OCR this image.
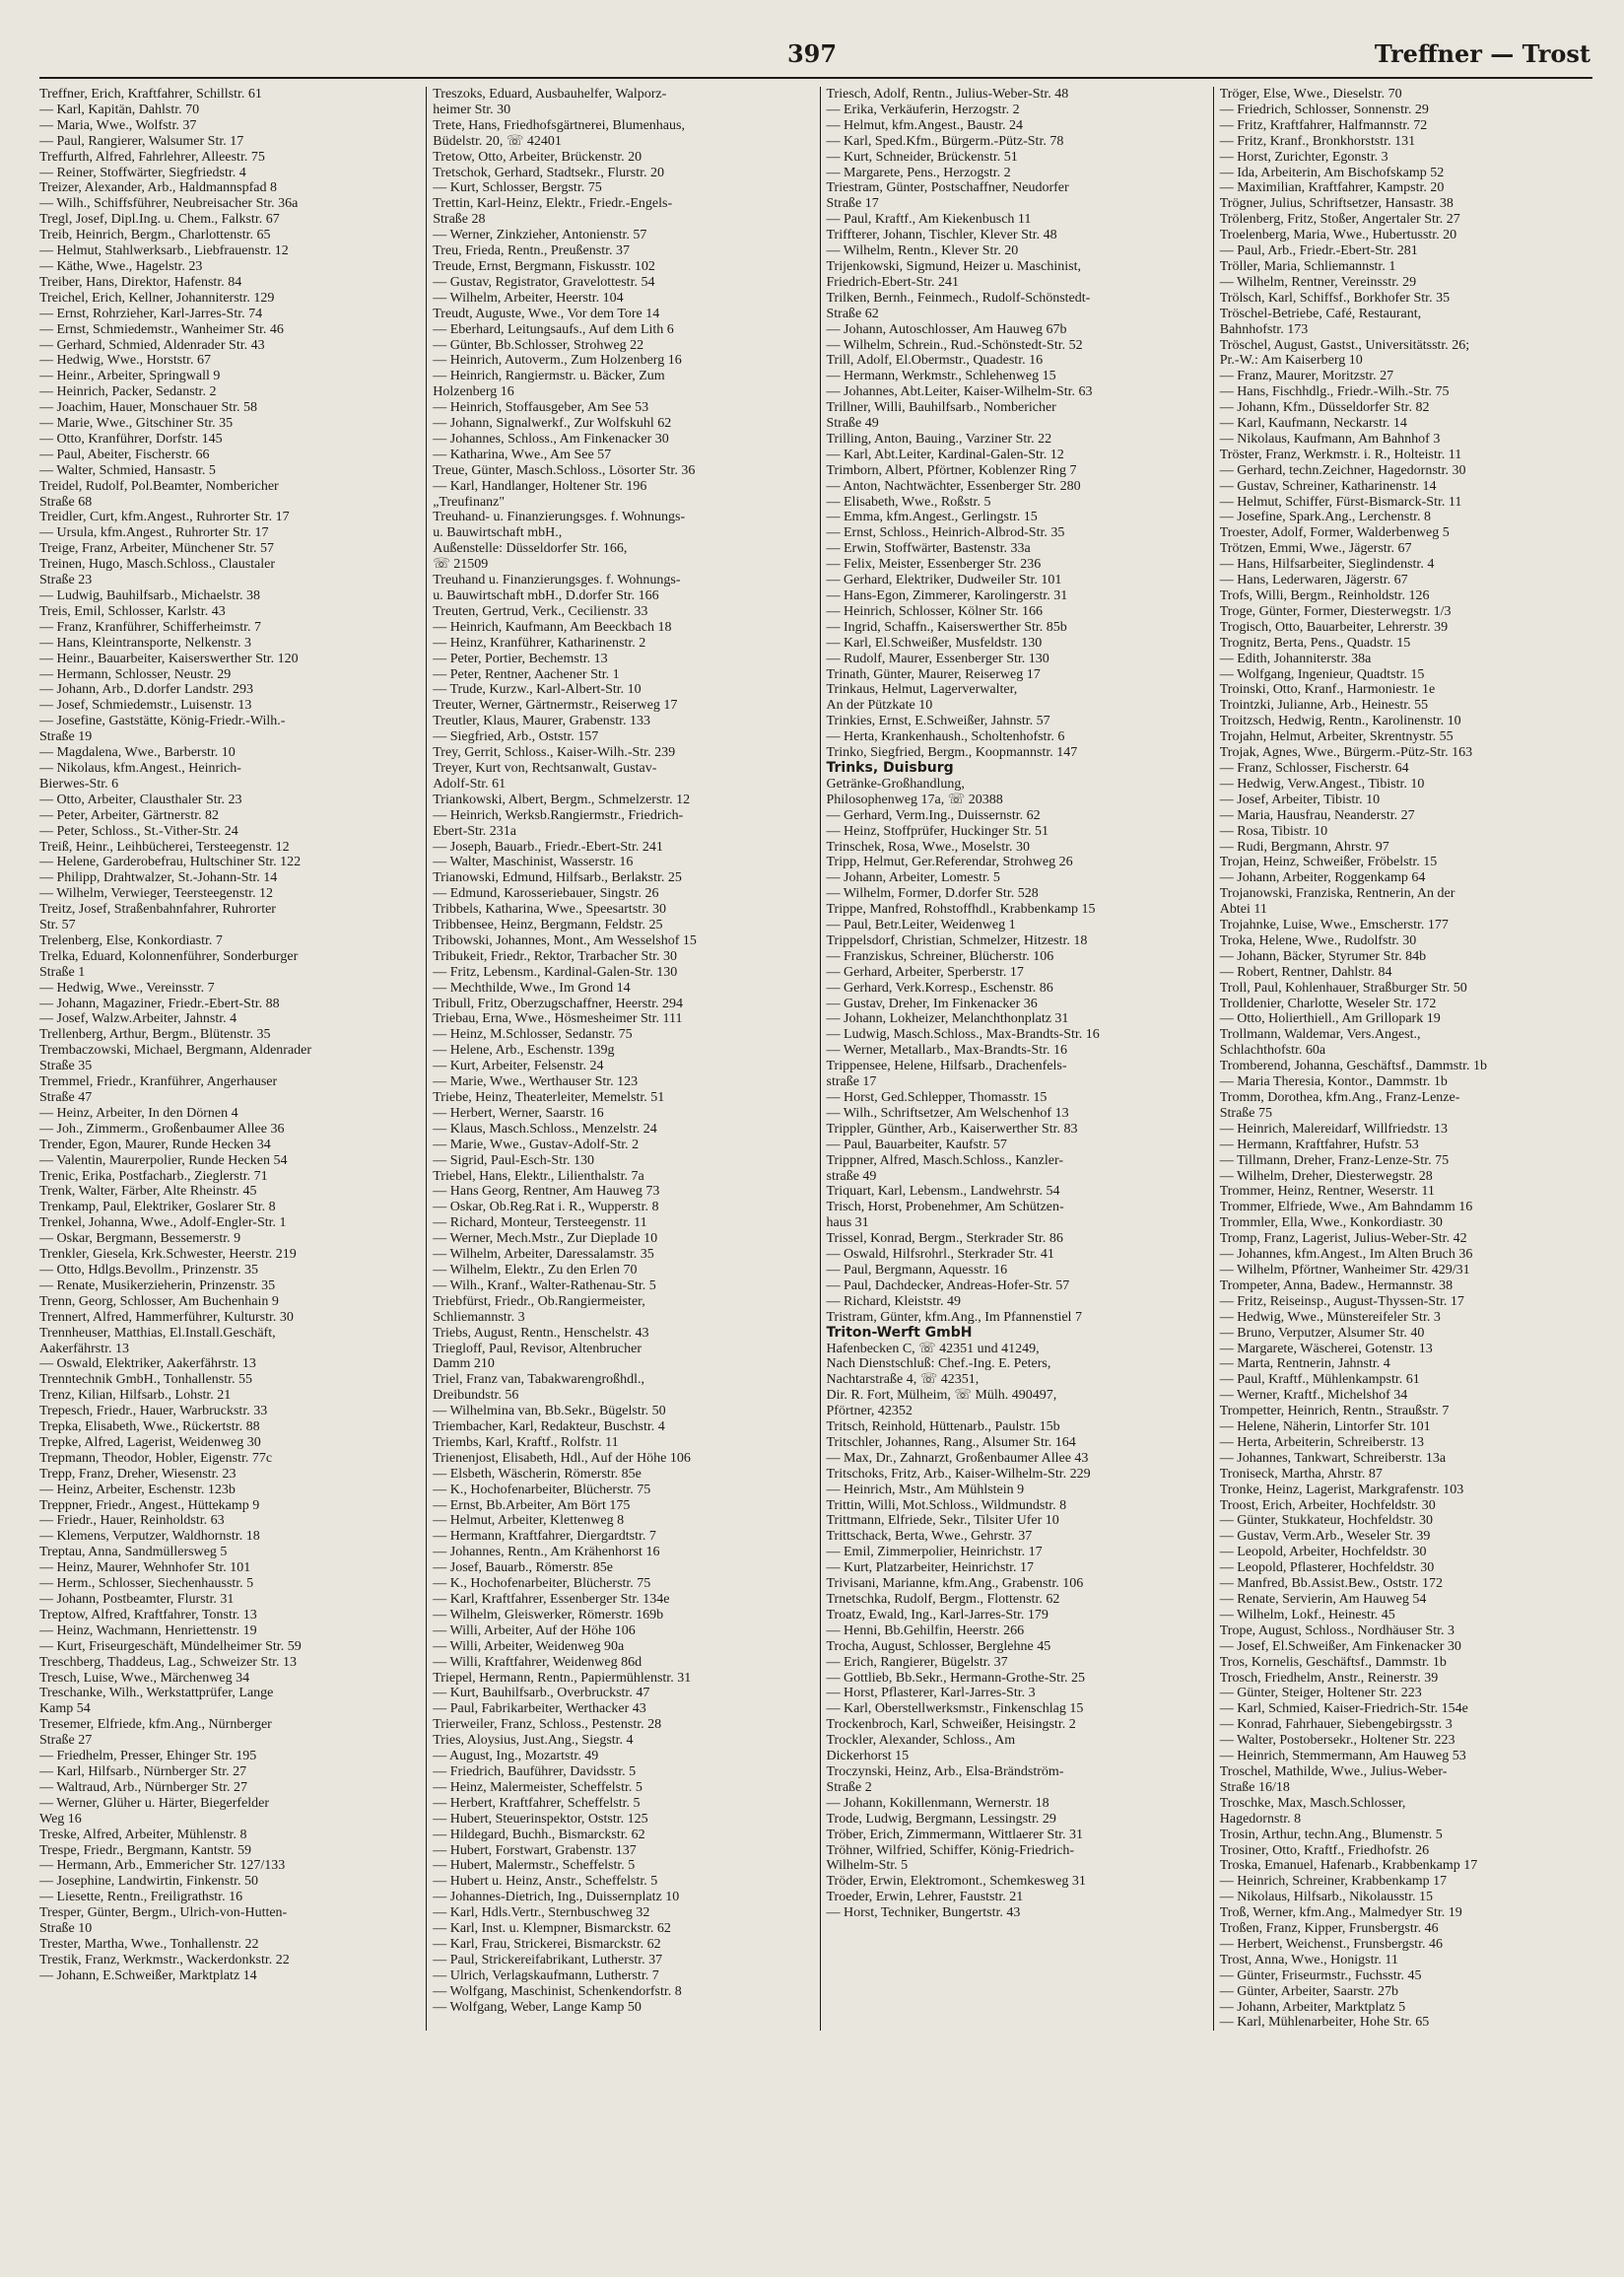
397	Treffner — Trost
Treffner, Erich, Kraftfahrer, Schillstr. 61
— Karl, Kapitän, Dahlstr. 70
— Maria, Wwe., Wolfstr. 37
— Paul, Rangierer, Walsumer Str. 17
Treffurth, Alfred, Fahrlehrer, Alleestr. 75
— Reiner, Stoffwärter, Siegfriedstr. 4
Treizer, Alexander, Arb., Haldmannspfad 8
— Wilh., Schiffsführer, Neubreisacher Str. 36a
Tregl, Josef, Dipl.Ing. u. Chem., Falkstr. 67
Treib, Heinrich, Bergm., Charlottenstr. 65
— Helmut, Stahlwerksarb., Liebfrauenstr. 12
— Käthe, Wwe., Hagelstr. 23
Treiber, Hans, Direktor, Hafenstr. 84
Treichel, Erich, Kellner, Johanniterstr. 129
— Ernst, Rohrzieher, Karl-Jarres-Str. 74
— Ernst, Schmiedemstr., Wanheimer Str. 46
— Gerhard, Schmied, Aldenrader Str. 43
— Hedwig, Wwe., Horststr. 67
— Heinr., Arbeiter, Springwall 9
— Heinrich, Packer, Sedanstr. 2
— Joachim, Hauer, Monschauer Str. 58
— Marie, Wwe., Gitschiner Str. 35
— Otto, Kranführer, Dorfstr. 145
— Paul, Abeiter, Fischerstr. 66
— Walter, Schmied, Hansastr. 5
Treidel, Rudolf, Pol.Beamter, Nombericher
Straße 68
Treidler, Curt, kfm.Angest., Ruhrorter Str. 17
— Ursula, kfm.Angest., Ruhrorter Str. 17
Treige, Franz, Arbeiter, Münchener Str. 57
Treinen, Hugo, Masch.Schloss., Claustaler
Straße 23
— Ludwig, Bauhilfsarb., Michaelstr. 38
Treis, Emil, Schlosser, Karlstr. 43
— Franz, Kranführer, Schifferheimstr. 7
— Hans, Kleintransporte, Nelkenstr. 3
— Heinr., Bauarbeiter, Kaiserswerther Str. 120
— Hermann, Schlosser, Neustr. 29
— Johann, Arb., D.dorfer Landstr. 293
— Josef, Schmiedemstr., Luisenstr. 13
— Josefine, Gaststätte, König-Friedr.-Wilh.-
Straße 19
— Magdalena, Wwe., Barberstr. 10
— Nikolaus, kfm.Angest., Heinrich-
Bierwes-Str. 6
— Otto, Arbeiter, Clausthaler Str. 23
— Peter, Arbeiter, Gärtnerstr. 82
— Peter, Schloss., St.-Vither-Str. 24
Treiß, Heinr., Leihbücherei, Tersteegenstr. 12
— Helene, Garderobefrau, Hultschiner Str. 122
— Philipp, Drahtwalzer, St.-Johann-Str. 14
— Wilhelm, Verwieger, Teersteegenstr. 12
Treitz, Josef, Straßenbahnfahrer, Ruhrorter
Str. 57
Trelenberg, Else, Konkordiastr. 7
Trelka, Eduard, Kolonnenführer, Sonderburger
Straße 1
— Hedwig, Wwe., Vereinsstr. 7
— Johann, Magaziner, Friedr.-Ebert-Str. 88
— Josef, Walzw.Arbeiter, Jahnstr. 4
Trellenberg, Arthur, Bergm., Blütenstr. 35
Trembaczowski, Michael, Bergmann, Aldenrader
Straße 35
Tremmel, Friedr., Kranführer, Angerhauser
Straße 47
— Heinz, Arbeiter, In den Dörnen 4
— Joh., Zimmerm., Großenbaumer Allee 36
Trender, Egon, Maurer, Runde Hecken 34
— Valentin, Maurerpolier, Runde Hecken 54
Trenic, Erika, Postfacharb., Zieglerstr. 71
Trenk, Walter, Färber, Alte Rheinstr. 45
Trenkamp, Paul, Elektriker, Goslarer Str. 8
Trenkel, Johanna, Wwe., Adolf-Engler-Str. 1
— Oskar, Bergmann, Bessemerstr. 9
Trenkler, Giesela, Krk.Schwester, Heerstr. 219
— Otto, Hdlgs.Bevollm., Prinzenstr. 35
— Renate, Musikerzieherin, Prinzenstr. 35
Trenn, Georg, Schlosser, Am Buchenhain 9
Trennert, Alfred, Hammerführer, Kulturstr. 30
Trennheuser, Matthias, El.Install.Geschäft,
Aakerfährstr. 13
— Oswald, Elektriker, Aakerfährstr. 13
Trenntechnik GmbH., Tonhallenstr. 55
Trenz, Kilian, Hilfsarb., Lohstr. 21
Trepesch, Friedr., Hauer, Warbruckstr. 33
Trepka, Elisabeth, Wwe., Rückertstr. 88
Trepke, Alfred, Lagerist, Weidenweg 30
Trepmann, Theodor, Hobler, Eigenstr. 77c
Trepp, Franz, Dreher, Wiesenstr. 23
— Heinz, Arbeiter, Eschenstr. 123b
Treppner, Friedr., Angest., Hüttekamp 9
— Friedr., Hauer, Reinholdstr. 63
— Klemens, Verputzer, Waldhornstr. 18
Treptau, Anna, Sandmüllersweg 5
— Heinz, Maurer, Wehnhofer Str. 101
— Herm., Schlosser, Siechenhausstr. 5
— Johann, Postbeamter, Flurstr. 31
Treptow, Alfred, Kraftfahrer, Tonstr. 13
— Heinz, Wachmann, Henriettenstr. 19
— Kurt, Friseurgeschäft, Mündelheimer Str. 59
Treschberg, Thaddeus, Lag., Schweizer Str. 13
Tresch, Luise, Wwe., Märchenweg 34
Treschanke, Wilh., Werkstattprüfer, Lange
Kamp 54
Tresemer, Elfriede, kfm.Ang., Nürnberger
Straße 27
— Friedhelm, Presser, Ehinger Str. 195
— Karl, Hilfsarb., Nürnberger Str. 27
— Waltraud, Arb., Nürnberger Str. 27
— Werner, Glüher u. Härter, Biegerfelder
Weg 16
Treske, Alfred, Arbeiter, Mühlenstr. 8
Trespe, Friedr., Bergmann, Kantstr. 59
— Hermann, Arb., Emmericher Str. 127/133
— Josephine, Landwirtin, Finkenstr. 50
— Liesette, Rentn., Freiligrathstr. 16
Tresper, Günter, Bergm., Ulrich-von-Hutten-
Straße 10
Trester, Martha, Wwe., Tonhallenstr. 22
Trestik, Franz, Werkmstr., Wackerdonkstr. 22
— Johann, E.Schweißer, Marktplatz 14
Treszoks, Eduard, Ausbauhelfer, Walporz-
heimer Str. 30
Trete, Hans, Friedhofsgärtnerei, Blumenhaus,
Büdelstr. 20, ☏ 42401
Tretow, Otto, Arbeiter, Brückenstr. 20
Tretschok, Gerhard, Stadtsekr., Flurstr. 20
— Kurt, Schlosser, Bergstr. 75
Trettin, Karl-Heinz, Elektr., Friedr.-Engels-
Straße 28
— Werner, Zinkzieher, Antonienstr. 57
Treu, Frieda, Rentn., Preußenstr. 37
Treude, Ernst, Bergmann, Fiskusstr. 102
— Gustav, Registrator, Gravelottestr. 54
— Wilhelm, Arbeiter, Heerstr. 104
Treudt, Auguste, Wwe., Vor dem Tore 14
— Eberhard, Leitungsaufs., Auf dem Lith 6
— Günter, Bb.Schlosser, Strohweg 22
— Heinrich, Autoverm., Zum Holzenberg 16
— Heinrich, Rangiermstr. u. Bäcker, Zum
Holzenberg 16
— Heinrich, Stoffausgeber, Am See 53
— Johann, Signalwerkf., Zur Wolfskuhl 62
— Johannes, Schloss., Am Finkenacker 30
— Katharina, Wwe., Am See 57
Treue, Günter, Masch.Schloss., Lösorter Str. 36
— Karl, Handlanger, Holtener Str. 196
„Treufinanz"
Treuhand- u. Finanzierungsges. f. Wohnungs-
u. Bauwirtschaft mbH.,
Außenstelle: Düsseldorfer Str. 166,
☏ 21509
Treuhand u. Finanzierungsges. f. Wohnungs-
u. Bauwirtschaft mbH., D.dorfer Str. 166
Treuten, Gertrud, Verk., Cecilienstr. 33
— Heinrich, Kaufmann, Am Beeckbach 18
— Heinz, Kranführer, Katharinenstr. 2
— Peter, Portier, Bechemstr. 13
— Peter, Rentner, Aachener Str. 1
— Trude, Kurzw., Karl-Albert-Str. 10
Treuter, Werner, Gärtnermstr., Reiserweg 17
Treutler, Klaus, Maurer, Grabenstr. 133
— Siegfried, Arb., Oststr. 157
Trey, Gerrit, Schloss., Kaiser-Wilh.-Str. 239
Treyer, Kurt von, Rechtsanwalt, Gustav-
Adolf-Str. 61
Triankowski, Albert, Bergm., Schmelzerstr. 12
— Heinrich, Werksb.Rangiermstr., Friedrich-
Ebert-Str. 231a
— Joseph, Bauarb., Friedr.-Ebert-Str. 241
— Walter, Maschinist, Wasserstr. 16
Trianowski, Edmund, Hilfsarb., Berlakstr. 25
— Edmund, Karosseriebauer, Singstr. 26
Tribbels, Katharina, Wwe., Speesartstr. 30
Tribbensee, Heinz, Bergmann, Feldstr. 25
Tribowski, Johannes, Mont., Am Wesselshof 15
Tribukeit, Friedr., Rektor, Trarbacher Str. 30
— Fritz, Lebensm., Kardinal-Galen-Str. 130
— Mechthilde, Wwe., Im Grond 14
Tribull, Fritz, Oberzugschaffner, Heerstr. 294
Triebau, Erna, Wwe., Hösmesheimer Str. 111
— Heinz, M.Schlosser, Sedanstr. 75
— Helene, Arb., Eschenstr. 139g
— Kurt, Arbeiter, Felsenstr. 24
— Marie, Wwe., Werthauser Str. 123
Triebe, Heinz, Theaterleiter, Memelstr. 51
— Herbert, Werner, Saarstr. 16
— Klaus, Masch.Schloss., Menzelstr. 24
— Marie, Wwe., Gustav-Adolf-Str. 2
— Sigrid, Paul-Esch-Str. 130
Triebel, Hans, Elektr., Lilienthalstr. 7a
— Hans Georg, Rentner, Am Hauweg 73
— Oskar, Ob.Reg.Rat i. R., Wupperstr. 8
— Richard, Monteur, Tersteegenstr. 11
— Werner, Mech.Mstr., Zur Dieplade 10
— Wilhelm, Arbeiter, Daressalamstr. 35
— Wilhelm, Elektr., Zu den Erlen 70
— Wilh., Kranf., Walter-Rathenau-Str. 5
Triebfürst, Friedr., Ob.Rangiermeister,
Schliemannstr. 3
Triebs, August, Rentn., Henschelstr. 43
Triegloff, Paul, Revisor, Altenbrucher
Damm 210
Triel, Franz van, Tabakwarengroßhdl.,
Dreibundstr. 56
— Wilhelmina van, Bb.Sekr., Bügelstr. 50
Triembacher, Karl, Redakteur, Buschstr. 4
Triembs, Karl, Kraftf., Rolfstr. 11
Trienenjost, Elisabeth, Hdl., Auf der Höhe 106
— Elsbeth, Wäscherin, Römerstr. 85e
— K., Hochofenarbeiter, Blücherstr. 75
— Ernst, Bb.Arbeiter, Am Bört 175
— Helmut, Arbeiter, Klettenweg 8
— Hermann, Kraftfahrer, Diergardtstr. 7
— Johannes, Rentn., Am Krähenhorst 16
— Josef, Bauarb., Römerstr. 85e
— K., Hochofenarbeiter, Blücherstr. 75
— Karl, Kraftfahrer, Essenberger Str. 134e
— Wilhelm, Gleiswerker, Römerstr. 169b
— Willi, Arbeiter, Auf der Höhe 106
— Willi, Arbeiter, Weidenweg 90a
— Willi, Kraftfahrer, Weidenweg 86d
Triepel, Hermann, Rentn., Papiermühlenstr. 31
— Kurt, Bauhilfsarb., Overbruckstr. 47
— Paul, Fabrikarbeiter, Werthacker 43
Trierweiler, Franz, Schloss., Pestenstr. 28
Tries, Aloysius, Just.Ang., Siegstr. 4
— August, Ing., Mozartstr. 49
— Friedrich, Bauführer, Davidsstr. 5
— Heinz, Malermeister, Scheffelstr. 5
— Herbert, Kraftfahrer, Scheffelstr. 5
— Hubert, Steuerinspektor, Oststr. 125
— Hildegard, Buchh., Bismarckstr. 62
— Hubert, Forstwart, Grabenstr. 137
— Hubert, Malermstr., Scheffelstr. 5
— Hubert u. Heinz, Anstr., Scheffelstr. 5
— Johannes-Dietrich, Ing., Duissernplatz 10
— Karl, Hdls.Vertr., Sternbuschweg 32
— Karl, Inst. u. Klempner, Bismarckstr. 62
— Karl, Frau, Strickerei, Bismarckstr. 62
— Paul, Strickereifabrikant, Lutherstr. 37
— Ulrich, Verlagskaufmann, Lutherstr. 7
— Wolfgang, Maschinist, Schenkendorfstr. 8
— Wolfgang, Weber, Lange Kamp 50
Triesch, Adolf, Rentn., Julius-Weber-Str. 48
— Erika, Verkäuferin, Herzogstr. 2
— Helmut, kfm.Angest., Baustr. 24
— Karl, Sped.Kfm., Bürgerm.-Pütz-Str. 78
— Kurt, Schneider, Brückenstr. 51
— Margarete, Pens., Herzogstr. 2
Triestram, Günter, Postschaffner, Neudorfer
Straße 17
— Paul, Kraftf., Am Kiekenbusch 11
Triffterer, Johann, Tischler, Klever Str. 48
— Wilhelm, Rentn., Klever Str. 20
Trijenkowski, Sigmund, Heizer u. Maschinist,
Friedrich-Ebert-Str. 241
Trilken, Bernh., Feinmech., Rudolf-Schönstedt-
Straße 62
— Johann, Autoschlosser, Am Hauweg 67b
— Wilhelm, Schrein., Rud.-Schönstedt-Str. 52
Trill, Adolf, El.Obermstr., Quadestr. 16
— Hermann, Werkmstr., Schlehenweg 15
— Johannes, Abt.Leiter, Kaiser-Wilhelm-Str. 63
Trillner, Willi, Bauhilfsarb., Nombericher
Straße 49
Trilling, Anton, Bauing., Varziner Str. 22
— Karl, Abt.Leiter, Kardinal-Galen-Str. 12
Trimborn, Albert, Pförtner, Koblenzer Ring 7
— Anton, Nachtwächter, Essenberger Str. 280
— Elisabeth, Wwe., Roßstr. 5
— Emma, kfm.Angest., Gerlingstr. 15
— Ernst, Schloss., Heinrich-Albrod-Str. 35
— Erwin, Stoffwärter, Bastenstr. 33a
— Felix, Meister, Essenberger Str. 236
— Gerhard, Elektriker, Dudweiler Str. 101
— Hans-Egon, Zimmerer, Karolingerstr. 31
— Heinrich, Schlosser, Kölner Str. 166
— Ingrid, Schaffn., Kaiserswerther Str. 85b
— Karl, El.Schweißer, Musfeldstr. 130
— Rudolf, Maurer, Essenberger Str. 130
Trinath, Günter, Maurer, Reiserweg 17
Trinkaus, Helmut, Lagerverwalter,
An der Pützkate 10
Trinkies, Ernst, E.Schweißer, Jahnstr. 57
— Herta, Krankenhaush., Scholtenhofstr. 6
Trinko, Siegfried, Bergm., Koopmannstr. 147
Trinks, Duisburg
Getränke-Großhandlung,
Philosophenweg 17a, ☏ 20388
— Gerhard, Verm.Ing., Duissernstr. 62
— Heinz, Stoffprüfer, Huckinger Str. 51
Trinschek, Rosa, Wwe., Moselstr. 30
Tripp, Helmut, Ger.Referendar, Strohweg 26
— Johann, Arbeiter, Lomestr. 5
— Wilhelm, Former, D.dorfer Str. 528
Trippe, Manfred, Rohstoffhdl., Krabbenkamp 15
— Paul, Betr.Leiter, Weidenweg 1
Trippelsdorf, Christian, Schmelzer, Hitzestr. 18
— Franziskus, Schreiner, Blücherstr. 106
— Gerhard, Arbeiter, Sperberstr. 17
— Gerhard, Verk.Korresp., Eschenstr. 86
— Gustav, Dreher, Im Finkenacker 36
— Johann, Lokheizer, Melanchthonplatz 31
— Ludwig, Masch.Schloss., Max-Brandts-Str. 16
— Werner, Metallarb., Max-Brandts-Str. 16
Trippensee, Helene, Hilfsarb., Drachenfels-
straße 17
— Horst, Ged.Schlepper, Thomasstr. 15
— Wilh., Schriftsetzer, Am Welschenhof 13
Trippler, Günther, Arb., Kaiserwerther Str. 83
— Paul, Bauarbeiter, Kaufstr. 57
Trippner, Alfred, Masch.Schloss., Kanzler-
straße 49
Triquart, Karl, Lebensm., Landwehrstr. 54
Trisch, Horst, Probenehmer, Am Schützen-
haus 31
Trissel, Konrad, Bergm., Sterkrader Str. 86
— Oswald, Hilfsrohrl., Sterkrader Str. 41
— Paul, Bergmann, Aquesstr. 16
— Paul, Dachdecker, Andreas-Hofer-Str. 57
— Richard, Kleiststr. 49
Tristram, Günter, kfm.Ang., Im Pfannenstiel 7
Triton-Werft GmbH
Hafenbecken C, ☏ 42351 und 41249,
Nach Dienstschluß: Chef.-Ing. E. Peters,
Nachtarstraße 4, ☏ 42351,
Dir. R. Fort, Mülheim, ☏ Mülh. 490497,
Pförtner, 42352
Tritsch, Reinhold, Hüttenarb., Paulstr. 15b
Tritschler, Johannes, Rang., Alsumer Str. 164
— Max, Dr., Zahnarzt, Großenbaumer Allee 43
Tritschoks, Fritz, Arb., Kaiser-Wilhelm-Str. 229
— Heinrich, Mstr., Am Mühlstein 9
Trittin, Willi, Mot.Schloss., Wildmundstr. 8
Trittmann, Elfriede, Sekr., Tilsiter Ufer 10
Trittschack, Berta, Wwe., Gehrstr. 37
— Emil, Zimmerpolier, Heinrichstr. 17
— Kurt, Platzarbeiter, Heinrichstr. 17
Trivisani, Marianne, kfm.Ang., Grabenstr. 106
Trnetschka, Rudolf, Bergm., Flottenstr. 62
Troatz, Ewald, Ing., Karl-Jarres-Str. 179
— Henni, Bb.Gehilfin, Heerstr. 266
Trocha, August, Schlosser, Berglehne 45
— Erich, Rangierer, Bügelstr. 37
— Gottlieb, Bb.Sekr., Hermann-Grothe-Str. 25
— Horst, Pflasterer, Karl-Jarres-Str. 3
— Karl, Oberstellwerksmstr., Finkenschlag 15
Trockenbroch, Karl, Schweißer, Heisingstr. 2
Trockler, Alexander, Schloss., Am
Dickerhorst 15
Troczynski, Heinz, Arb., Elsa-Brändström-
Straße 2
— Johann, Kokillenmann, Wernerstr. 18
Trode, Ludwig, Bergmann, Lessingstr. 29
Tröber, Erich, Zimmermann, Wittlaerer Str. 31
Tröhner, Wilfried, Schiffer, König-Friedrich-
Wilhelm-Str. 5
Tröder, Erwin, Elektromont., Schemkesweg 31
Troeder, Erwin, Lehrer, Fauststr. 21
— Horst, Techniker, Bungertstr. 43
Tröger, Else, Wwe., Dieselstr. 70
— Friedrich, Schlosser, Sonnenstr. 29
— Fritz, Kraftfahrer, Halfmannstr. 72
— Fritz, Kranf., Bronkhorststr. 131
— Horst, Zurichter, Egonstr. 3
— Ida, Arbeiterin, Am Bischofskamp 52
— Maximilian, Kraftfahrer, Kampstr. 20
Trögner, Julius, Schriftsetzer, Hansastr. 38
Trölenberg, Fritz, Stoßer, Angertaler Str. 27
Troelenberg, Maria, Wwe., Hubertusstr. 20
— Paul, Arb., Friedr.-Ebert-Str. 281
Tröller, Maria, Schliemannstr. 1
— Wilhelm, Rentner, Vereinsstr. 29
Trölsch, Karl, Schiffsf., Borkhofer Str. 35
Tröschel-Betriebe, Café, Restaurant,
Bahnhofstr. 173
Tröschel, August, Gastst., Universitätsstr. 26;
Pr.-W.: Am Kaiserberg 10
— Franz, Maurer, Moritzstr. 27
— Hans, Fischhdlg., Friedr.-Wilh.-Str. 75
— Johann, Kfm., Düsseldorfer Str. 82
— Karl, Kaufmann, Neckarstr. 14
— Nikolaus, Kaufmann, Am Bahnhof 3
Tröster, Franz, Werkmstr. i. R., Holteistr. 11
— Gerhard, techn.Zeichner, Hagedornstr. 30
— Gustav, Schreiner, Katharinenstr. 14
— Helmut, Schiffer, Fürst-Bismarck-Str. 11
— Josefine, Spark.Ang., Lerchenstr. 8
Troester, Adolf, Former, Walderbenweg 5
Trötzen, Emmi, Wwe., Jägerstr. 67
— Hans, Hilfsarbeiter, Sieglindenstr. 4
— Hans, Lederwaren, Jägerstr. 67
Trofs, Willi, Bergm., Reinholdstr. 126
Troge, Günter, Former, Diesterwegstr. 1/3
Trogisch, Otto, Bauarbeiter, Lehrerstr. 39
Trognitz, Berta, Pens., Quadstr. 15
— Edith, Johanniterstr. 38a
— Wolfgang, Ingenieur, Quadtstr. 15
Troinski, Otto, Kranf., Harmoniestr. 1e
Trointzki, Julianne, Arb., Heinestr. 55
Troitzsch, Hedwig, Rentn., Karolinenstr. 10
Trojahn, Helmut, Arbeiter, Skrentnystr. 55
Trojak, Agnes, Wwe., Bürgerm.-Pütz-Str. 163
— Franz, Schlosser, Fischerstr. 64
— Hedwig, Verw.Angest., Tibistr. 10
— Josef, Arbeiter, Tibistr. 10
— Maria, Hausfrau, Neanderstr. 27
— Rosa, Tibistr. 10
— Rudi, Bergmann, Ahrstr. 97
Trojan, Heinz, Schweißer, Fröbelstr. 15
— Johann, Arbeiter, Roggenkamp 64
Trojanowski, Franziska, Rentnerin, An der
Abtei 11
Trojahnke, Luise, Wwe., Emscherstr. 177
Troka, Helene, Wwe., Rudolfstr. 30
— Johann, Bäcker, Styrumer Str. 84b
— Robert, Rentner, Dahlstr. 84
Troll, Paul, Kohlenhauer, Straßburger Str. 50
Trolldenier, Charlotte, Weseler Str. 172
— Otto, Holierthiell., Am Grillopark 19
Trollmann, Waldemar, Vers.Angest.,
Schlachthofstr. 60a
Tromberend, Johanna, Geschäftsf., Dammstr. 1b
— Maria Theresia, Kontor., Dammstr. 1b
Tromm, Dorothea, kfm.Ang., Franz-Lenze-
Straße 75
— Heinrich, Malereidarf, Willfriedstr. 13
— Hermann, Kraftfahrer, Hufstr. 53
— Tillmann, Dreher, Franz-Lenze-Str. 75
— Wilhelm, Dreher, Diesterwegstr. 28
Trommer, Heinz, Rentner, Weserstr. 11
Trommer, Elfriede, Wwe., Am Bahndamm 16
Trommler, Ella, Wwe., Konkordiastr. 30
Tromp, Franz, Lagerist, Julius-Weber-Str. 42
— Johannes, kfm.Angest., Im Alten Bruch 36
— Wilhelm, Pförtner, Wanheimer Str. 429/31
Trompeter, Anna, Badew., Hermannstr. 38
— Fritz, Reiseinsp., August-Thyssen-Str. 17
— Hedwig, Wwe., Münstereifeler Str. 3
— Bruno, Verputzer, Alsumer Str. 40
— Margarete, Wäscherei, Gotenstr. 13
— Marta, Rentnerin, Jahnstr. 4
— Paul, Kraftf., Mühlenkampstr. 61
— Werner, Kraftf., Michelshof 34
Trompetter, Heinrich, Rentn., Straußstr. 7
— Helene, Näherin, Lintorfer Str. 101
— Herta, Arbeiterin, Schreiberstr. 13
— Johannes, Tankwart, Schreiberstr. 13a
Troniseck, Martha, Ahrstr. 87
Tronke, Heinz, Lagerist, Markgrafenstr. 103
Troost, Erich, Arbeiter, Hochfeldstr. 30
— Günter, Stukkateur, Hochfeldstr. 30
— Gustav, Verm.Arb., Weseler Str. 39
— Leopold, Arbeiter, Hochfeldstr. 30
— Leopold, Pflasterer, Hochfeldstr. 30
— Manfred, Bb.Assist.Bew., Oststr. 172
— Renate, Servierin, Am Hauweg 54
— Wilhelm, Lokf., Heinestr. 45
Trope, August, Schloss., Nordhäuser Str. 3
— Josef, El.Schweißer, Am Finkenacker 30
Tros, Kornelis, Geschäftsf., Dammstr. 1b
Trosch, Friedhelm, Anstr., Reinerstr. 39
— Günter, Steiger, Holtener Str. 223
— Karl, Schmied, Kaiser-Friedrich-Str. 154e
— Konrad, Fahrhauer, Siebengebirgsstr. 3
— Walter, Postobersekr., Holtener Str. 223
— Heinrich, Stemmermann, Am Hauweg 53
Troschel, Mathilde, Wwe., Julius-Weber-
Straße 16/18
Troschke, Max, Masch.Schlosser,
Hagedornstr. 8
Trosin, Arthur, techn.Ang., Blumenstr. 5
Trosiner, Otto, Kraftf., Friedhofstr. 26
Troska, Emanuel, Hafenarb., Krabbenkamp 17
— Heinrich, Schreiner, Krabbenkamp 17
— Nikolaus, Hilfsarb., Nikolausstr. 15
Troß, Werner, kfm.Ang., Malmedyer Str. 19
Troßen, Franz, Kipper, Frunsbergstr. 46
— Herbert, Weichenst., Frunsbergstr. 46
Trost, Anna, Wwe., Honigstr. 11
— Günter, Friseurmstr., Fuchsstr. 45
— Günter, Arbeiter, Saarstr. 27b
— Johann, Arbeiter, Marktplatz 5
— Karl, Mühlenarbeiter, Hohe Str. 65
